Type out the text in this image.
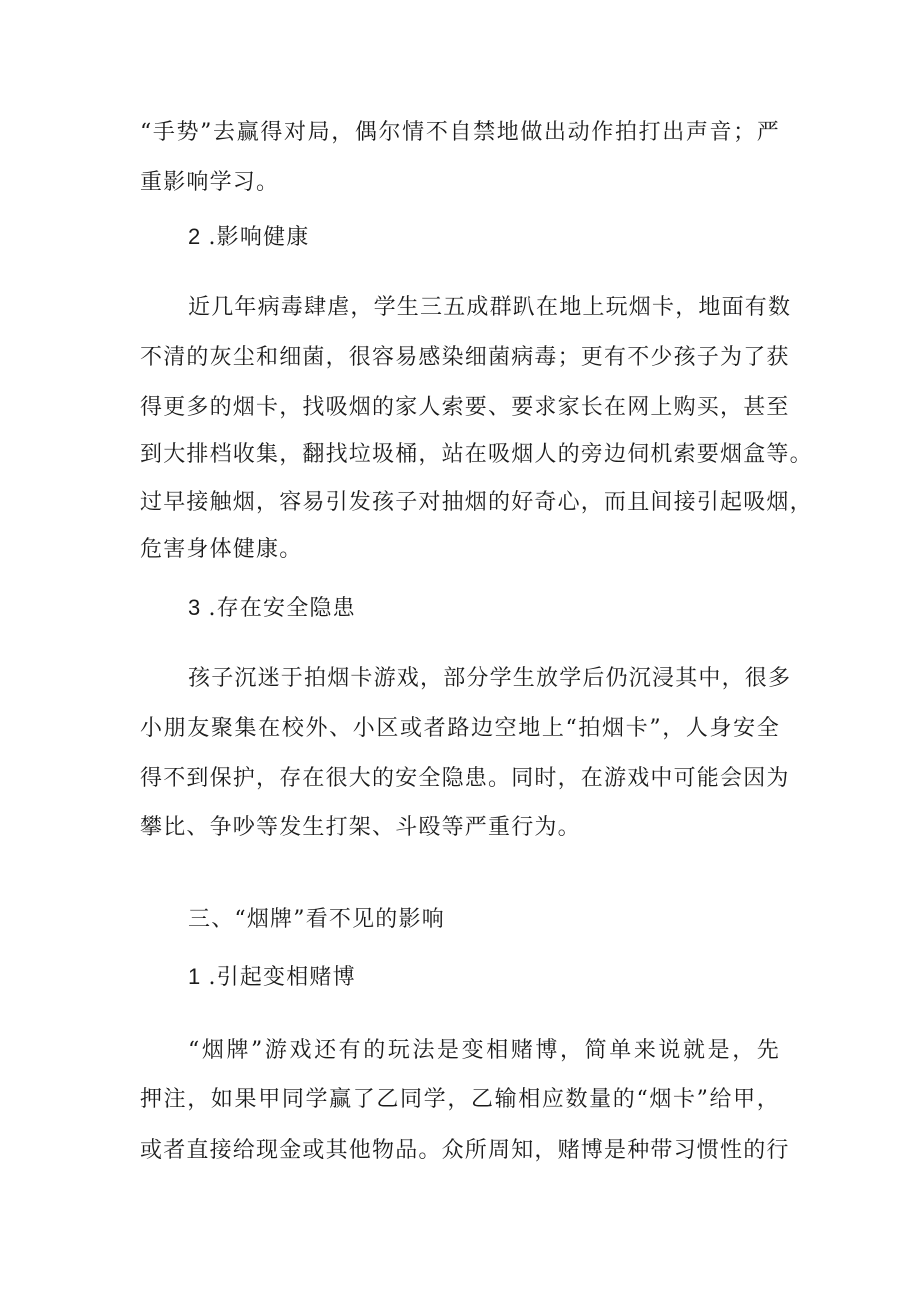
“手势”去赢得对局，偶尔情不自禁地做出动作拍打出声音；严
重影响学习。
2 .影响健康
近几年病毒肆虐，学生三五成群趴在地上玩烟卡，地面有数
不清的灰尘和细菌，很容易感染细菌病毒；更有不少孩子为了获
得更多的烟卡，找吸烟的家人索要、要求家长在网上购买，甚至
到大排档收集，翻找垃圾桶，站在吸烟人的旁边伺机索要烟盒等。
过早接触烟，容易引发孩子对抽烟的好奇心，而且间接引起吸烟，
危害身体健康。
3 .存在安全隐患
孩子沉迷于拍烟卡游戏，部分学生放学后仍沉浸其中，很多
小朋友聚集在校外、小区或者路边空地上“拍烟卡”，人身安全
得不到保护，存在很大的安全隐患。同时，在游戏中可能会因为
攀比、争吵等发生打架、斗殴等严重行为。
三、“烟牌”看不见的影响
1 .引起变相赌博
“烟牌”游戏还有的玩法是变相赌博，简单来说就是，先
押注，如果甲同学赢了乙同学，乙输相应数量的“烟卡”给甲，
或者直接给现金或其他物品。众所周知，赌博是种带习惯性的行
